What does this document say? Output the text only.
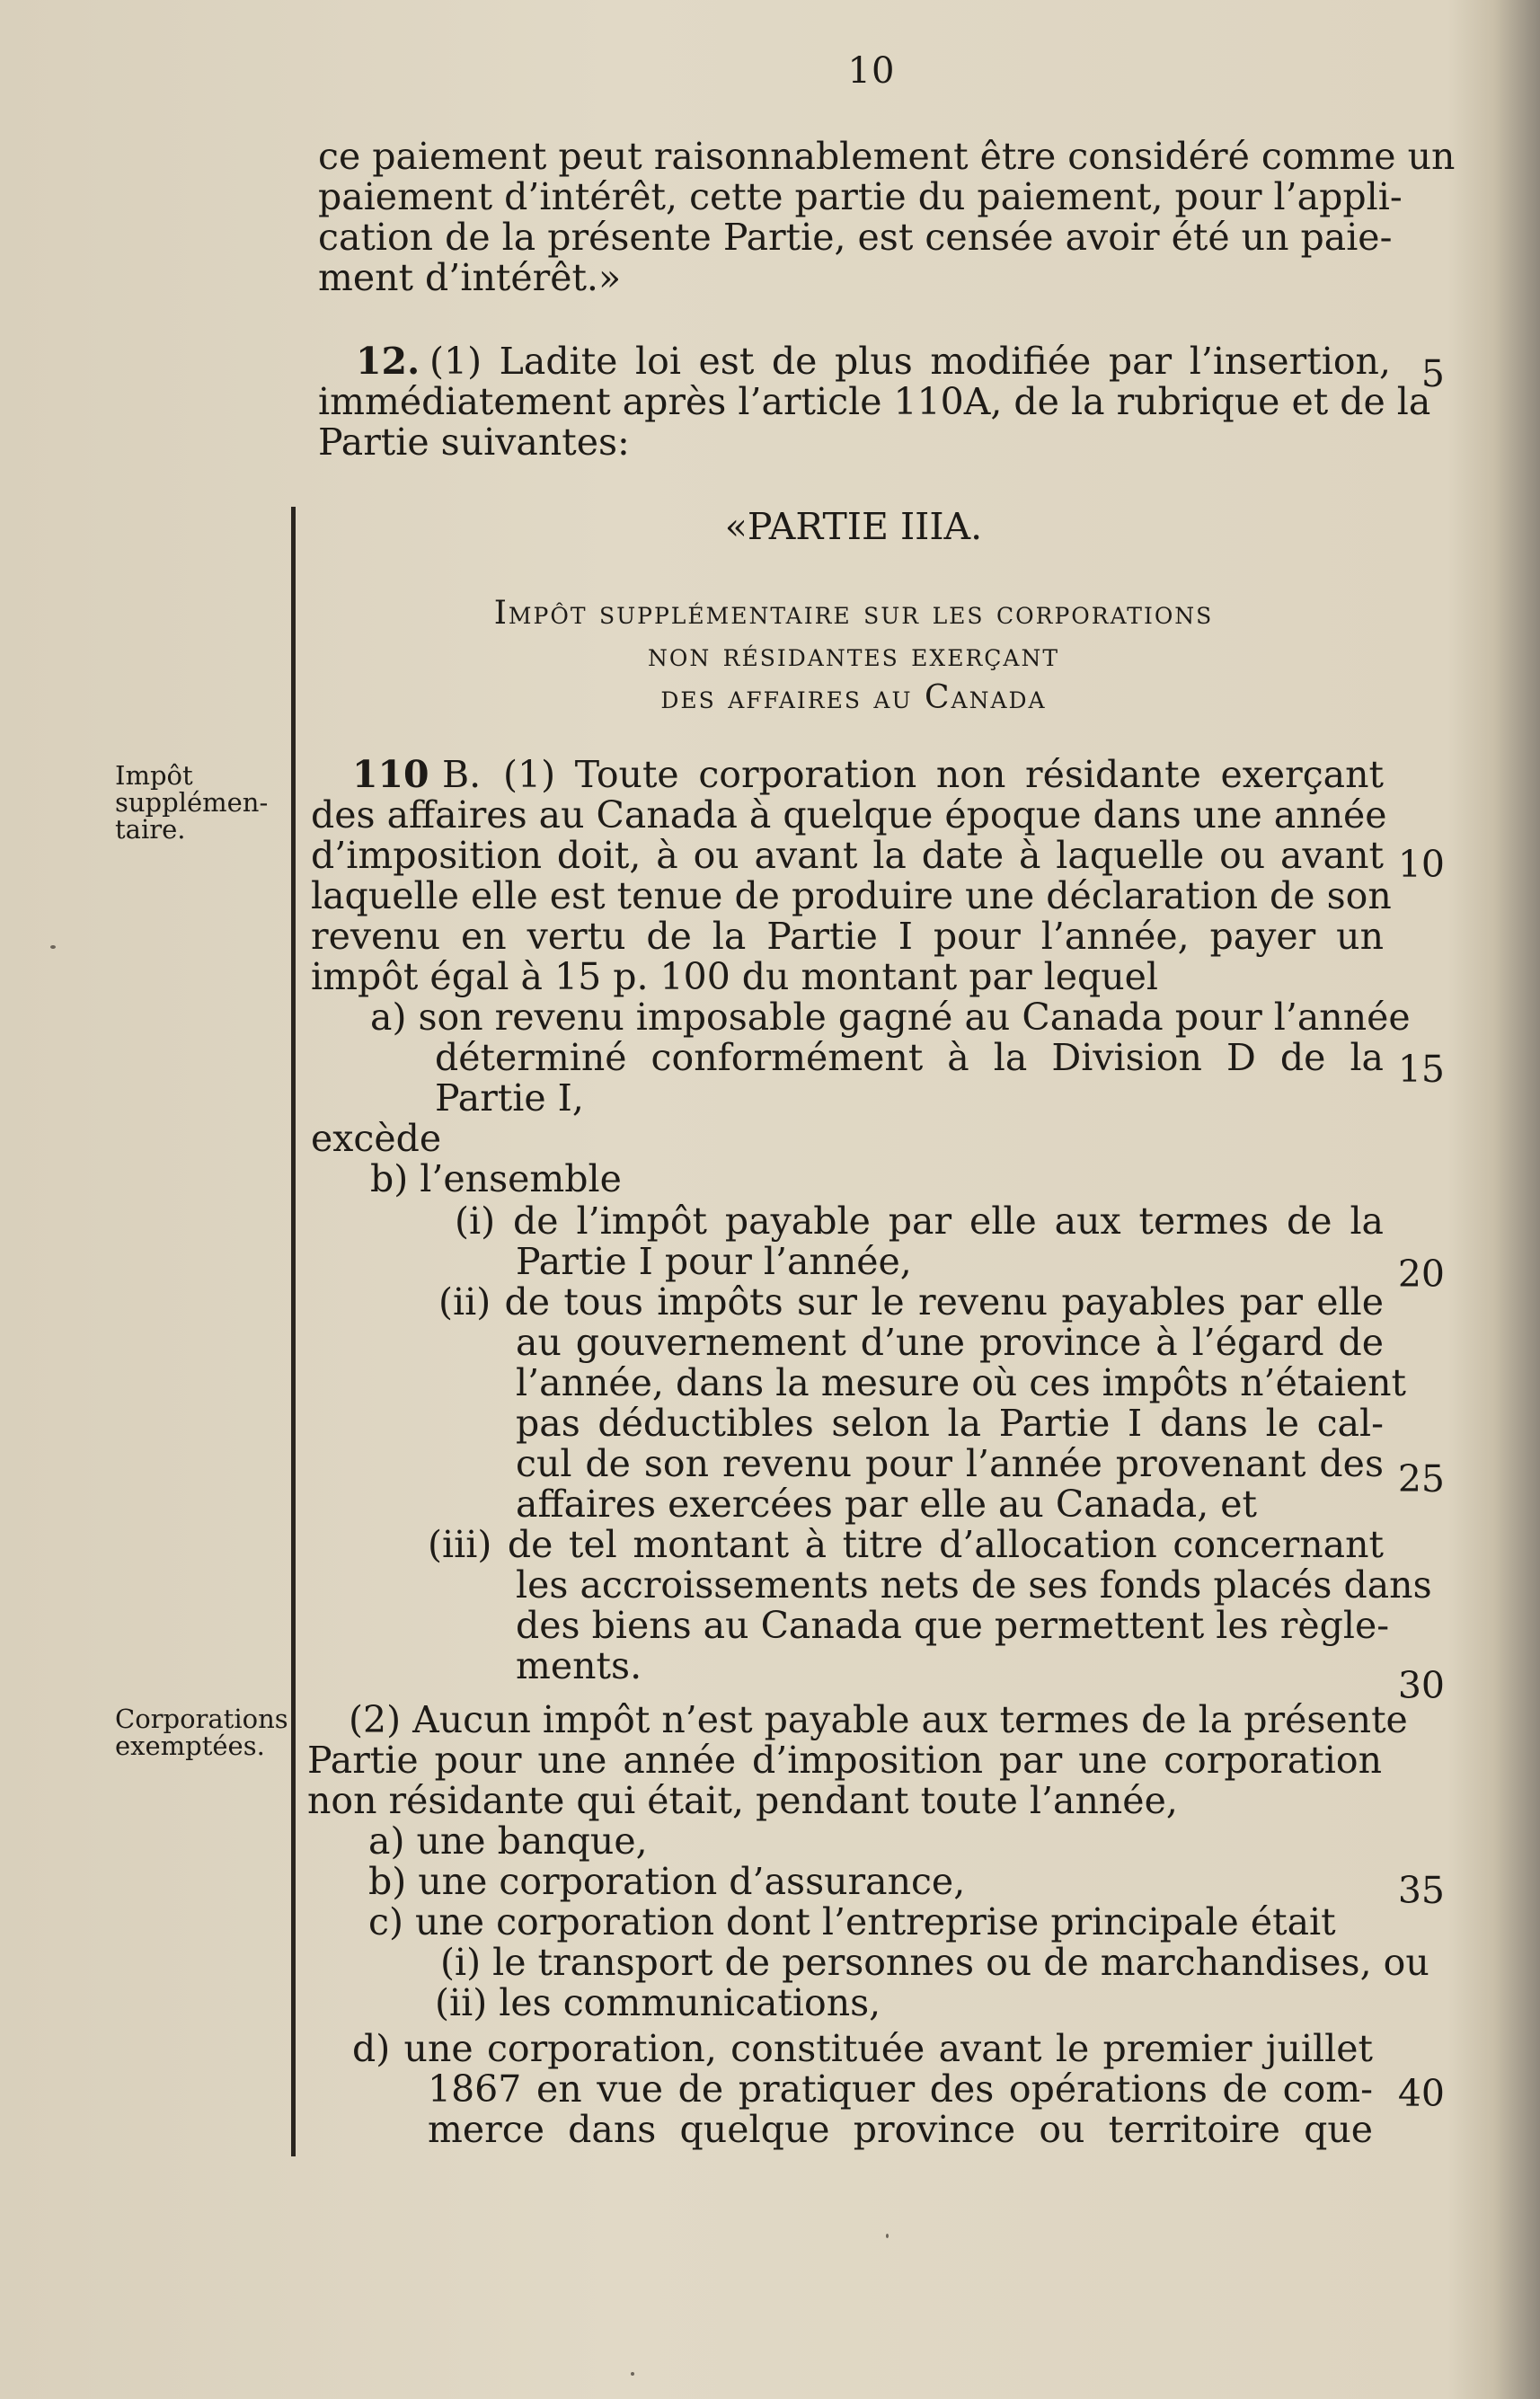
10
ce paiement peut raisonnablement être considéré comme un
paiement d’intérêt, cette partie du paiement, pour l’appli-
cation de la présente Partie, est censée avoir été un paie-
ment d’intérêt.»
12. (1) Ladite loi est de plus modifiée par l’insertion,
immédiatement après l’article 110A, de la rubrique et de la
Partie suivantes:
«PARTIE IIIA.
Impôt supplémentaire sur les corporations
non résidantes exerçant
des affaires au Canada
Impôt
supplémen-
taire.
Corporations
exemptées.
110 B. (1) Toute corporation non résidante exerçant
des affaires au Canada à quelque époque dans une année
d’imposition doit, à ou avant la date à laquelle ou avant
laquelle elle est tenue de produire une déclaration de son
revenu en vertu de la Partie I pour l’année, payer un
impôt égal à 15 p. 100 du montant par lequel
a) son revenu imposable gagné au Canada pour l’année
déterminé conformément à la Division D de la
Partie I,
excède
b) l’ensemble
(i) de l’impôt payable par elle aux termes de la
Partie I pour l’année,
(ii) de tous impôts sur le revenu payables par elle
au gouvernement d’une province à l’égard de
l’année, dans la mesure où ces impôts n’étaient
pas déductibles selon la Partie I dans le cal-
cul de son revenu pour l’année provenant des
affaires exercées par elle au Canada, et
(iii) de tel montant à titre d’allocation concernant
les accroissements nets de ses fonds placés dans
des biens au Canada que permettent les règle-
ments.
(2) Aucun impôt n’est payable aux termes de la présente
Partie pour une année d’imposition par une corporation
non résidante qui était, pendant toute l’année,
a) une banque,
b) une corporation d’assurance,
c) une corporation dont l’entreprise principale était
(i) le transport de personnes ou de marchandises, ou
(ii) les communications,
d) une corporation, constituée avant le premier juillet
1867 en vue de pratiquer des opérations de com-
merce dans quelque province ou territoire que
5
10
15
20
25
30
35
40
